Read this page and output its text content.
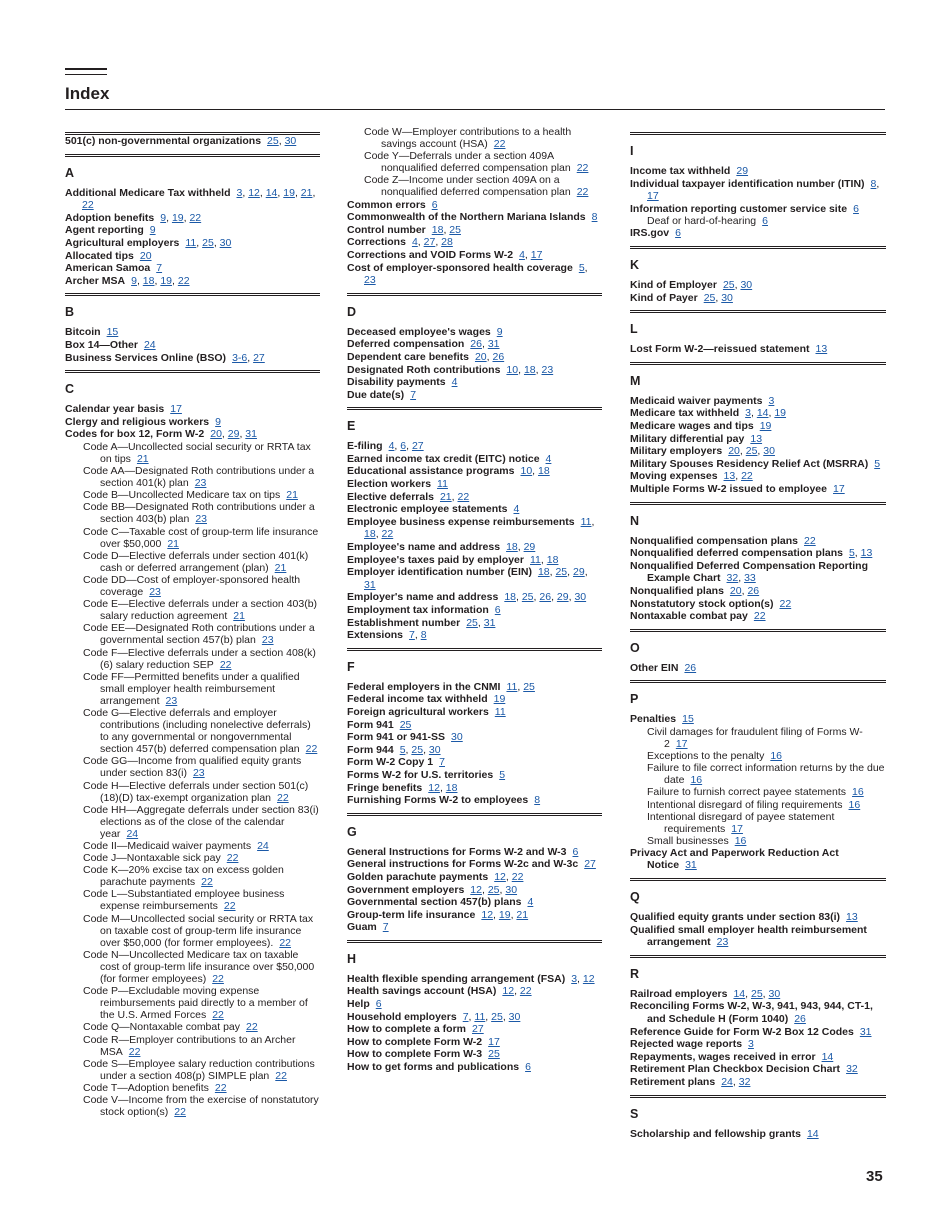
Index
501(c) non-governmental organizations 25, 30
A
Additional Medicare Tax withheld 3, 12, 14, 19, 21, 22
Adoption benefits 9, 19, 22
Agent reporting 9
Agricultural employers 11, 25, 30
Allocated tips 20
American Samoa 7
Archer MSA 9, 18, 19, 22
B
Bitcoin 15
Box 14—Other 24
Business Services Online (BSO) 3-6, 27
C
Calendar year basis 17
Clergy and religious workers 9
Codes for box 12, Form W-2 20, 29, 31
Code A—Uncollected social security or RRTA tax on tips 21
Code AA—Designated Roth contributions under a section 401(k) plan 23
Code B—Uncollected Medicare tax on tips 21
Code BB—Designated Roth contributions under a section 403(b) plan 23
Code C—Taxable cost of group-term life insurance over $50,000 21
Code D—Elective deferrals under section 401(k) cash or deferred arrangement (plan) 21
Code DD—Cost of employer-sponsored health coverage 23
Code E—Elective deferrals under a section 403(b) salary reduction agreement 21
Code EE—Designated Roth contributions under a governmental section 457(b) plan 23
Code F—Elective deferrals under a section 408(k)(6) salary reduction SEP 22
Code FF—Permitted benefits under a qualified small employer health reimbursement arrangement 23
Code G—Elective deferrals and employer contributions (including nonelective deferrals) to any governmental or nongovernmental section 457(b) deferred compensation plan 22
Code GG—Income from qualified equity grants under section 83(i) 23
Code H—Elective deferrals under section 501(c)(18)(D) tax-exempt organization plan 22
Code HH—Aggregate deferrals under section 83(i) elections as of the close of the calendar year 24
Code II—Medicaid waiver payments 24
Code J—Nontaxable sick pay 22
Code K—20% excise tax on excess golden parachute payments 22
Code L—Substantiated employee business expense reimbursements 22
Code M—Uncollected social security or RRTA tax on taxable cost of group-term life insurance over $50,000 (for former employees). 22
Code N—Uncollected Medicare tax on taxable cost of group-term life insurance over $50,000 (for former employees) 22
Code P—Excludable moving expense reimbursements paid directly to a member of the U.S. Armed Forces 22
Code Q—Nontaxable combat pay 22
Code R—Employer contributions to an Archer MSA 22
Code S—Employee salary reduction contributions under a section 408(p) SIMPLE plan 22
Code T—Adoption benefits 22
Code V—Income from the exercise of nonstatutory stock option(s) 22
Code W—Employer contributions to a health savings account (HSA) 22
Code Y—Deferrals under a section 409A nonqualified deferred compensation plan 22
Code Z—Income under section 409A on a nonqualified deferred compensation plan 22
Common errors 6
Commonwealth of the Northern Mariana Islands 8
Control number 18, 25
Corrections 4, 27, 28
Corrections and VOID Forms W-2 4, 17
Cost of employer-sponsored health coverage 5, 23
D
Deceased employee's wages 9
Deferred compensation 26, 31
Dependent care benefits 20, 26
Designated Roth contributions 10, 18, 23
Disability payments 4
Due date(s) 7
E
E-filing 4, 6, 27
Earned income tax credit (EITC) notice 4
Educational assistance programs 10, 18
Election workers 11
Elective deferrals 21, 22
Electronic employee statements 4
Employee business expense reimbursements 11, 18, 22
Employee's name and address 18, 29
Employee's taxes paid by employer 11, 18
Employer identification number (EIN) 18, 25, 29, 31
Employer's name and address 18, 25, 26, 29, 30
Employment tax information 6
Establishment number 25, 31
Extensions 7, 8
F
Federal employers in the CNMI 11, 25
Federal income tax withheld 19
Foreign agricultural workers 11
Form 941 25
Form 941 or 941-SS 30
Form 944 5, 25, 30
Form W-2 Copy 1 7
Forms W-2 for U.S. territories 5
Fringe benefits 12, 18
Furnishing Forms W-2 to employees 8
G
General Instructions for Forms W-2 and W-3 6
General instructions for Forms W-2c and W-3c 27
Golden parachute payments 12, 22
Government employers 12, 25, 30
Governmental section 457(b) plans 4
Group-term life insurance 12, 19, 21
Guam 7
H
Health flexible spending arrangement (FSA) 3, 12
Health savings account (HSA) 12, 22
Help 6
Household employers 7, 11, 25, 30
How to complete a form 27
How to complete Form W-2 17
How to complete Form W-3 25
How to get forms and publications 6
I
Income tax withheld 29
Individual taxpayer identification number (ITIN) 8, 17
Information reporting customer service site 6
Deaf or hard-of-hearing 6
IRS.gov 6
K
Kind of Employer 25, 30
Kind of Payer 25, 30
L
Lost Form W-2—reissued statement 13
M
Medicaid waiver payments 3
Medicare tax withheld 3, 14, 19
Medicare wages and tips 19
Military differential pay 13
Military employers 20, 25, 30
Military Spouses Residency Relief Act (MSRRA) 5
Moving expenses 13, 22
Multiple Forms W-2 issued to employee 17
N
Nonqualified compensation plans 22
Nonqualified deferred compensation plans 5, 13
Nonqualified Deferred Compensation Reporting Example Chart 32, 33
Nonqualified plans 20, 26
Nonstatutory stock option(s) 22
Nontaxable combat pay 22
O
Other EIN 26
P
Penalties 15
Civil damages for fraudulent filing of Forms W-2 17
Exceptions to the penalty 16
Failure to file correct information returns by the due date 16
Failure to furnish correct payee statements 16
Intentional disregard of filing requirements 16
Intentional disregard of payee statement requirements 17
Small businesses 16
Privacy Act and Paperwork Reduction Act Notice 31
Q
Qualified equity grants under section 83(i) 13
Qualified small employer health reimbursement arrangement 23
R
Railroad employers 14, 25, 30
Reconciling Forms W-2, W-3, 941, 943, 944, CT-1, and Schedule H (Form 1040) 26
Reference Guide for Form W-2 Box 12 Codes 31
Rejected wage reports 3
Repayments, wages received in error 14
Retirement Plan Checkbox Decision Chart 32
Retirement plans 24, 32
S
Scholarship and fellowship grants 14
35
